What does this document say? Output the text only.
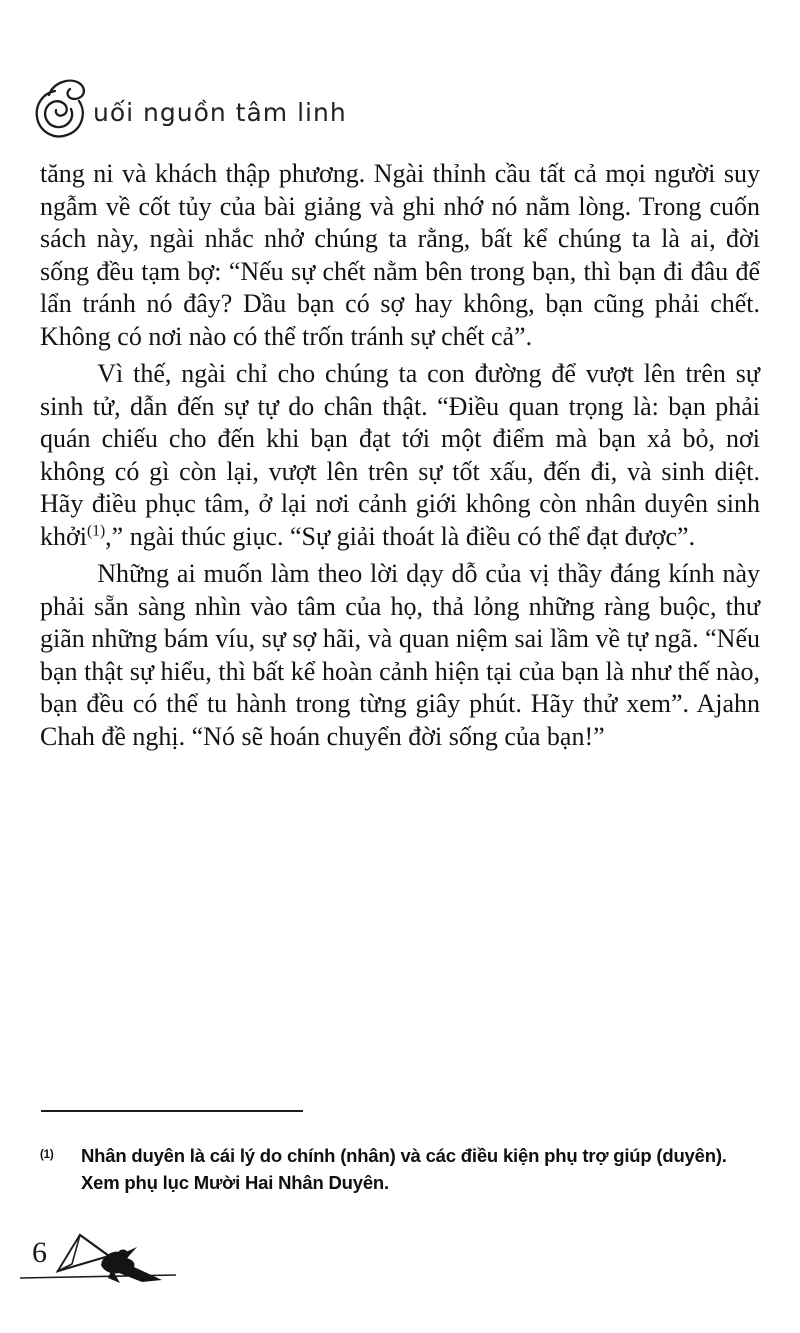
uối nguồn tâm linh

tăng ni và khách thập phương. Ngài thỉnh cầu tất cả mọi người suy ngẫm về cốt tủy của bài giảng và ghi nhớ nó nằm lòng. Trong cuốn sách này, ngài nhắc nhở chúng ta rằng, bất kể chúng ta là ai, đời sống đều tạm bợ: “Nếu sự chết nằm bên trong bạn, thì bạn đi đâu để lẩn tránh nó đây? Dầu bạn có sợ hay không, bạn cũng phải chết. Không có nơi nào có thể trốn tránh sự chết cả”.

Vì thế, ngài chỉ cho chúng ta con đường để vượt lên trên sự sinh tử, dẫn đến sự tự do chân thật. “Điều quan trọng là: bạn phải quán chiếu cho đến khi bạn đạt tới một điểm mà bạn xả bỏ, nơi không có gì còn lại, vượt lên trên sự tốt xấu, đến đi, và sinh diệt. Hãy điều phục tâm, ở lại nơi cảnh giới không còn nhân duyên sinh khởi$^{(1)}$,” ngài thúc giục. “Sự giải thoát là điều có thể đạt được”.

Những ai muốn làm theo lời dạy dỗ của vị thầy đáng kính này phải sẵn sàng nhìn vào tâm của họ, thả lỏng những ràng buộc, thư giãn những bám víu, sự sợ hãi, và quan niệm sai lầm về tự ngã. “Nếu bạn thật sự hiểu, thì bất kể hoàn cảnh hiện tại của bạn là như thế nào, bạn đều có thể tu hành trong từng giây phút. Hãy thử xem”. Ajahn Chah đề nghị. “Nó sẽ hoán chuyển đời sống của bạn!”

(1)	Nhân duyên là cái lý do chính (nhân) và các điều kiện phụ trợ giúp (duyên). Xem phụ lục Mười Hai Nhân Duyên.
6
